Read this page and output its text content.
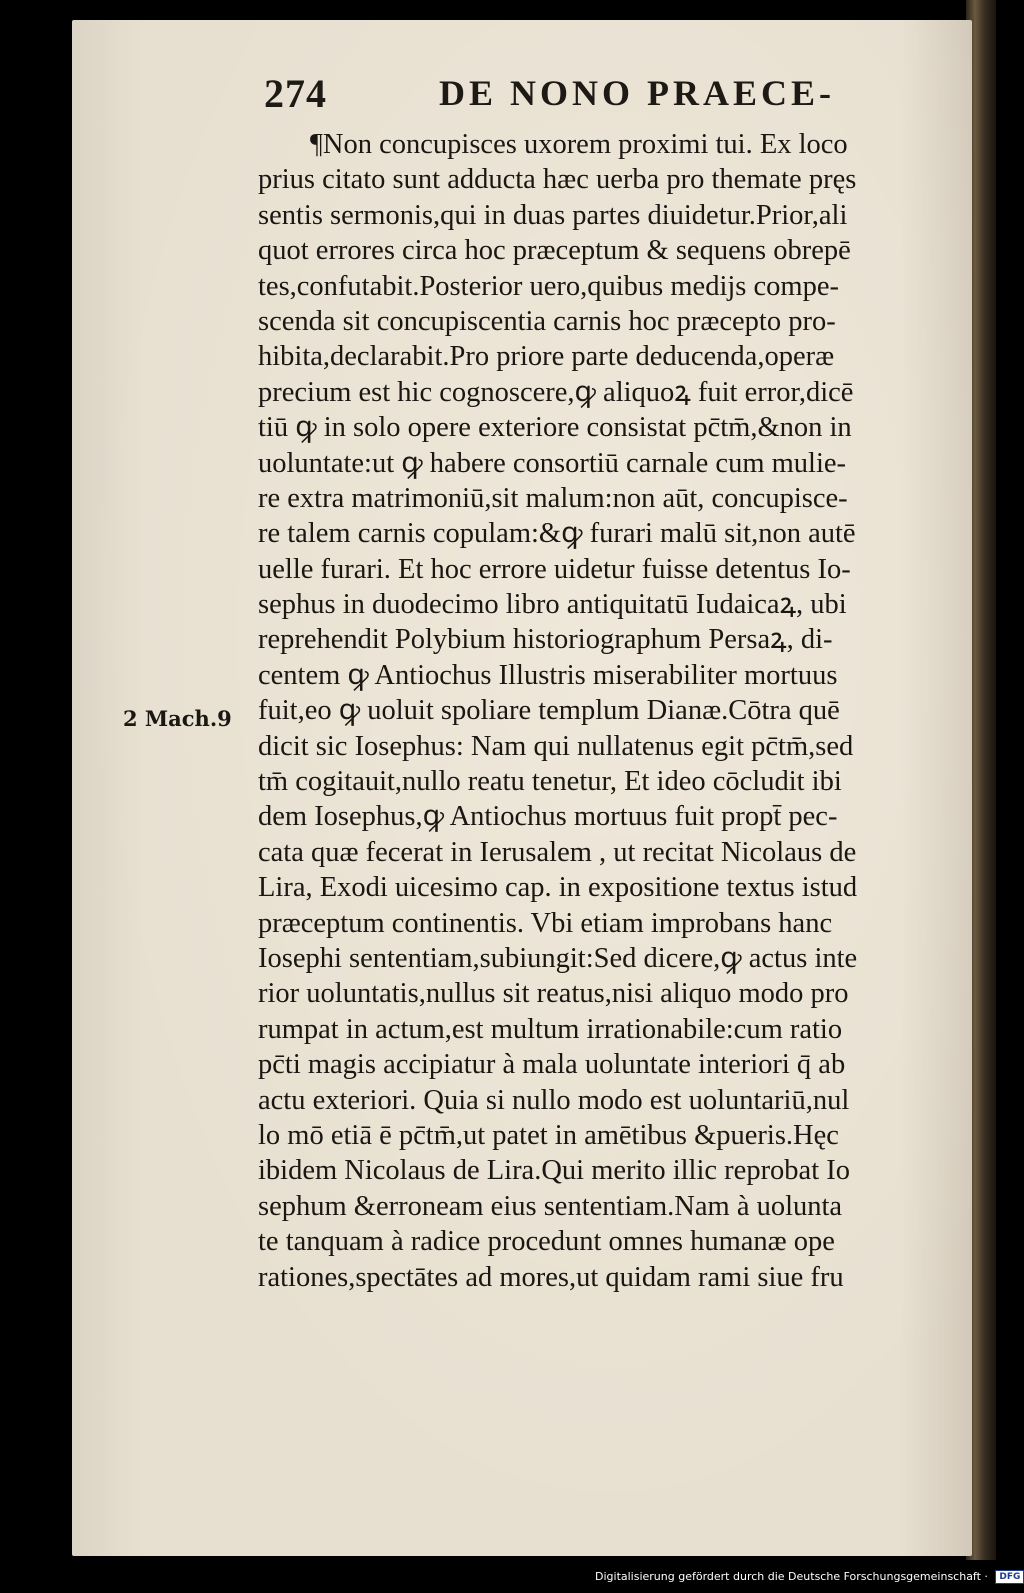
274	DE NONO PRAECE-
2 Mach.9
¶Non concupisces uxorem proximi tui. Ex loco
prius citato sunt adducta hæc uerba pro themate pręs
sentis sermonis,qui in duas partes diuidetur.Prior,ali
quot errores circa hoc præceptum & sequens obrepē
tes,confutabit.Posterior uero,quibus medijs compe-
scenda sit concupiscentia carnis hoc præcepto pro-
hibita,declarabit.Pro priore parte deducenda,operæ
precium est hic cognoscere,ꝙ aliquoꝝ fuit error,dicē
tiū ꝙ in solo opere exteriore consistat pc̄tm̄,&non in
uoluntate:ut ꝙ habere consortiū carnale cum mulie-
re extra matrimoniū,sit malum:non aūt, concupisce-
re talem carnis copulam:&ꝙ furari malū sit,non autē
uelle furari. Et hoc errore uidetur fuisse detentus Io-
sephus in duodecimo libro antiquitatū Iudaicaꝝ, ubi
reprehendit Polybium historiographum Persaꝝ, di-
centem ꝙ Antiochus Illustris miserabiliter mortuus
fuit,eo ꝙ uoluit spoliare templum Dianæ.Cōtra quē
dicit sic Iosephus: Nam qui nullatenus egit pc̄tm̄,sed
tm̄ cogitauit,nullo reatu tenetur, Et ideo cōcludit ibi
dem Iosephus,ꝙ Antiochus mortuus fuit propt̄ pec-
cata quæ fecerat in Ierusalem , ut recitat Nicolaus de
Lira, Exodi uicesimo cap. in expositione textus istud
præceptum continentis. Vbi etiam improbans hanc
Iosephi sententiam,subiungit:Sed dicere,ꝙ actus inte
rior uoluntatis,nullus sit reatus,nisi aliquo modo pro
rumpat in actum,est multum irrationabile:cum ratio
pc̄ti magis accipiatur à mala uoluntate interiori q̄ ab
actu exteriori. Quia si nullo modo est uoluntariū,nul
lo mō etiā ē pc̄tm̄,ut patet in amētibus &pueris.Hęc
ibidem Nicolaus de Lira.Qui merito illic reprobat Io
sephum &erroneam eius sententiam.Nam à uolunta
te tanquam à radice procedunt omnes humanæ ope
rationes,spectātes ad mores,ut quidam rami siue fru
Digitalisierung gefördert durch die Deutsche Forschungsgemeinschaft · DFG
